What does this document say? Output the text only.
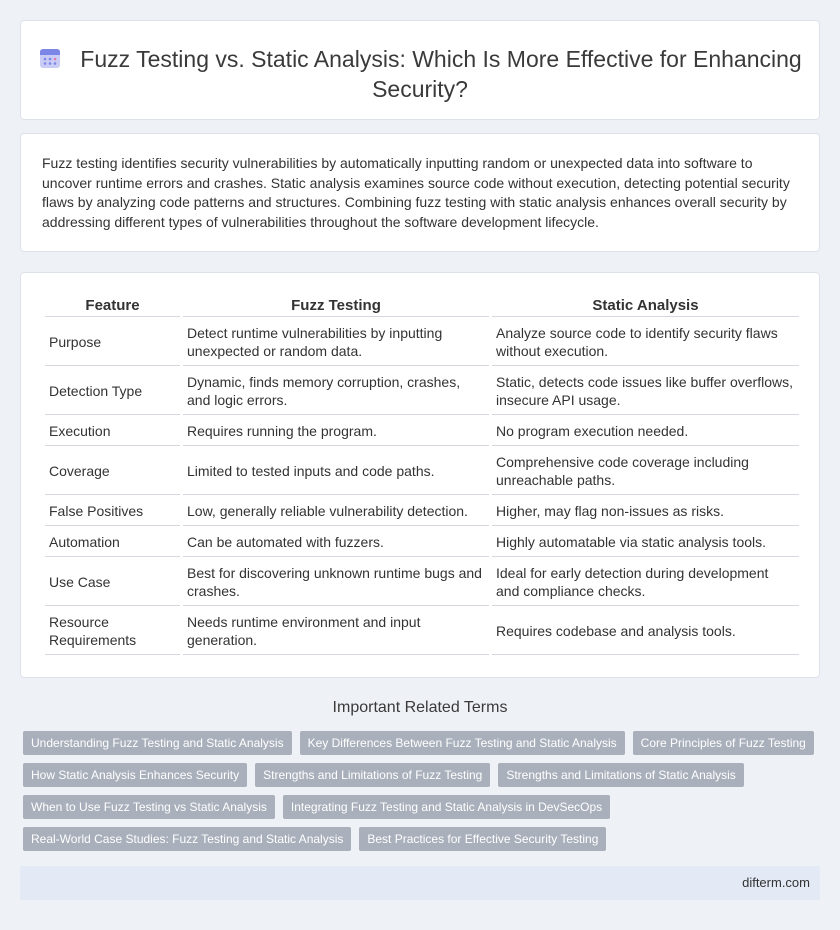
Fuzz Testing vs. Static Analysis: Which Is More Effective for Enhancing Security?

Fuzz testing identifies security vulnerabilities by automatically inputting random or unexpected data into software to uncover runtime errors and crashes. Static analysis examines source code without execution, detecting potential security flaws by analyzing code patterns and structures. Combining fuzz testing with static analysis enhances overall security by addressing different types of vulnerabilities throughout the software development lifecycle.

Feature	Fuzz Testing	Static Analysis
Purpose	Detect runtime vulnerabilities by inputting unexpected or random data.	Analyze source code to identify security flaws without execution.
Detection Type	Dynamic, finds memory corruption, crashes, and logic errors.	Static, detects code issues like buffer overflows, insecure API usage.
Execution	Requires running the program.	No program execution needed.
Coverage	Limited to tested inputs and code paths.	Comprehensive code coverage including unreachable paths.
False Positives	Low, generally reliable vulnerability detection.	Higher, may flag non-issues as risks.
Automation	Can be automated with fuzzers.	Highly automatable via static analysis tools.
Use Case	Best for discovering unknown runtime bugs and crashes.	Ideal for early detection during development and compliance checks.
Resource Requirements	Needs runtime environment and input generation.	Requires codebase and analysis tools.
Important Related Terms
Understanding Fuzz Testing and Static Analysis	Key Differences Between Fuzz Testing and Static Analysis	Core Principles of Fuzz Testing
How Static Analysis Enhances Security	Strengths and Limitations of Fuzz Testing	Strengths and Limitations of Static Analysis
When to Use Fuzz Testing vs Static Analysis	Integrating Fuzz Testing and Static Analysis in DevSecOps
Real-World Case Studies: Fuzz Testing and Static Analysis	Best Practices for Effective Security Testing
difterm.com
